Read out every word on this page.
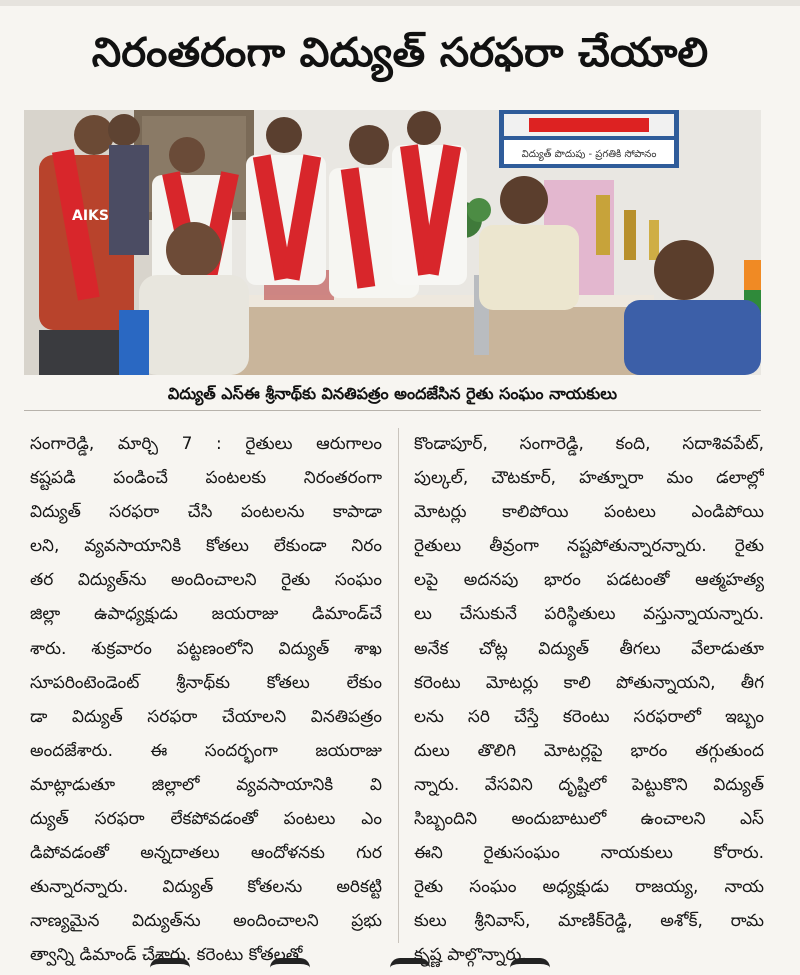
నిరంతరంగా విద్యుత్ సరఫరా చేయాలి
విద్యుత్ పొదుపు - ప్రగతికి సోపానం
AIKS
విద్యుత్ ఎస్ఈ శ్రీనాథ్‌కు వినతిపత్రం అందజేసిన రైతు సంఘం నాయకులు
సంగారెడ్డి, మార్చి 7 : రైతులు ఆరుగాలం
కష్టపడి పండించే పంటలకు నిరంతరంగా
విద్యుత్ సరఫరా చేసి పంటలను కాపాడా
లని, వ్యవసాయానికి కోతలు లేకుండా నిరం
తర విద్యుత్‌ను అందించాలని రైతు సంఘం
జిల్లా ఉపాధ్యక్షుడు జయరాజు డిమాండ్‌చే
శారు. శుక్రవారం పట్టణంలోని విద్యుత్ శాఖ
సూపరింటెండెంట్ శ్రీనాథ్‌కు కోతలు లేకుం
డా విద్యుత్ సరఫరా చేయాలని వినతిపత్రం
అందజేశారు. ఈ సందర్భంగా జయరాజు
మాట్లాడుతూ జిల్లాలో వ్యవసాయానికి వి
ద్యుత్ సరఫరా లేకపోవడంతో పంటలు ఎం
డిపోవడంతో అన్నదాతలు ఆందోళనకు గుర
తున్నారన్నారు. విద్యుత్ కోతలను అరికట్టి
నాణ్యమైన విద్యుత్‌ను అందించాలని ప్రభు
త్వాన్ని డిమాండ్ చేశారు. కరెంటు కోతలతో
కొండాపూర్, సంగారెడ్డి, కంది, సదాశివపేట్,
పుల్కల్, చౌటకూర్, హత్నూరా మం డలాల్లో
మోటర్లు కాలిపోయి పంటలు ఎండిపోయి
రైతులు తీవ్రంగా నష్టపోతున్నారన్నారు. రైతు
లపై అదనపు భారం పడటంతో ఆత్మహత్య
లు చేసుకునే పరిస్థితులు వస్తున్నాయన్నారు.
అనేక చోట్ల విద్యుత్ తీగలు వేలాడుతూ
కరెంటు మోటర్లు కాలి పోతున్నాయని, తీగ
లను సరి చేస్తే కరెంటు సరఫరాలో ఇబ్బం
దులు తొలిగి మోటర్లపై భారం తగ్గుతుంద
న్నారు. వేసవిని దృష్టిలో పెట్టుకొని విద్యుత్
సిబ్బందిని అందుబాటులో ఉంచాలని ఎస్
ఈని రైతుసంఘం నాయకులు కోరారు.
రైతు సంఘం అధ్యక్షుడు రాజయ్య, నాయ
కులు శ్రీనివాస్, మాణిక్‌రెడ్డి, అశోక్, రామ
కృష్ణ పాల్గొన్నారు.
